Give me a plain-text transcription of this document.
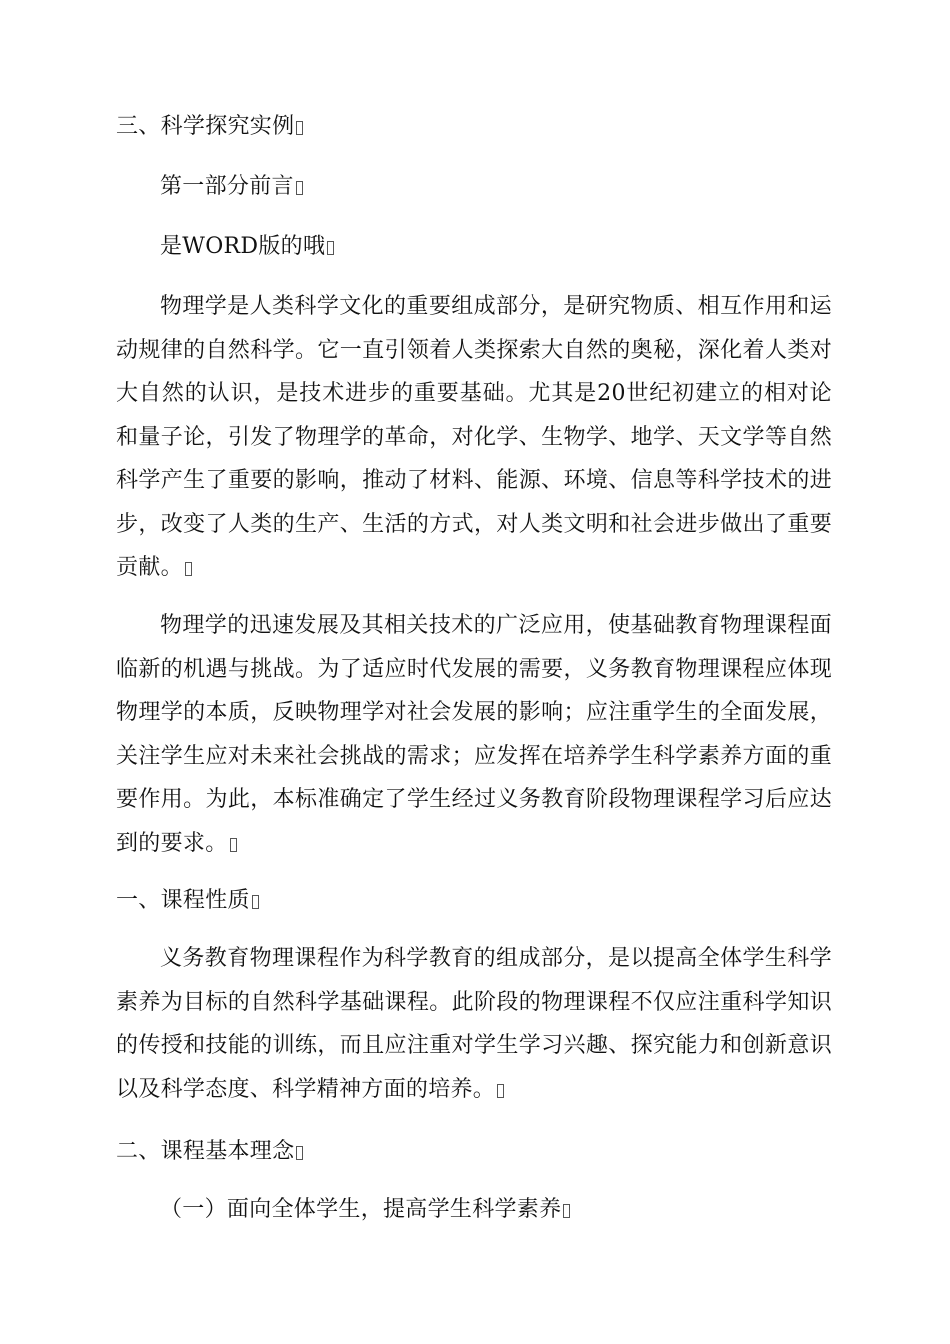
三、科学探究实例
第一部分前言
是WORD版的哦
物理学是人类科学文化的重要组成部分，是研究物质、相互作用和运动规律的自然科学。它一直引领着人类探索大自然的奥秘，深化着人类对大自然的认识，是技术进步的重要基础。尤其是20世纪初建立的相对论和量子论，引发了物理学的革命，对化学、生物学、地学、天文学等自然科学产生了重要的影响，推动了材料、能源、环境、信息等科学技术的进步，改变了人类的生产、生活的方式，对人类文明和社会进步做出了重要贡献。
物理学的迅速发展及其相关技术的广泛应用，使基础教育物理课程面临新的机遇与挑战。为了适应时代发展的需要，义务教育物理课程应体现物理学的本质，反映物理学对社会发展的影响；应注重学生的全面发展，关注学生应对未来社会挑战的需求；应发挥在培养学生科学素养方面的重要作用。为此，本标准确定了学生经过义务教育阶段物理课程学习后应达到的要求。
一、课程性质
义务教育物理课程作为科学教育的组成部分，是以提高全体学生科学素养为目标的自然科学基础课程。此阶段的物理课程不仅应注重科学知识的传授和技能的训练，而且应注重对学生学习兴趣、探究能力和创新意识以及科学态度、科学精神方面的培养。
二、课程基本理念
（一）面向全体学生，提高学生科学素养
